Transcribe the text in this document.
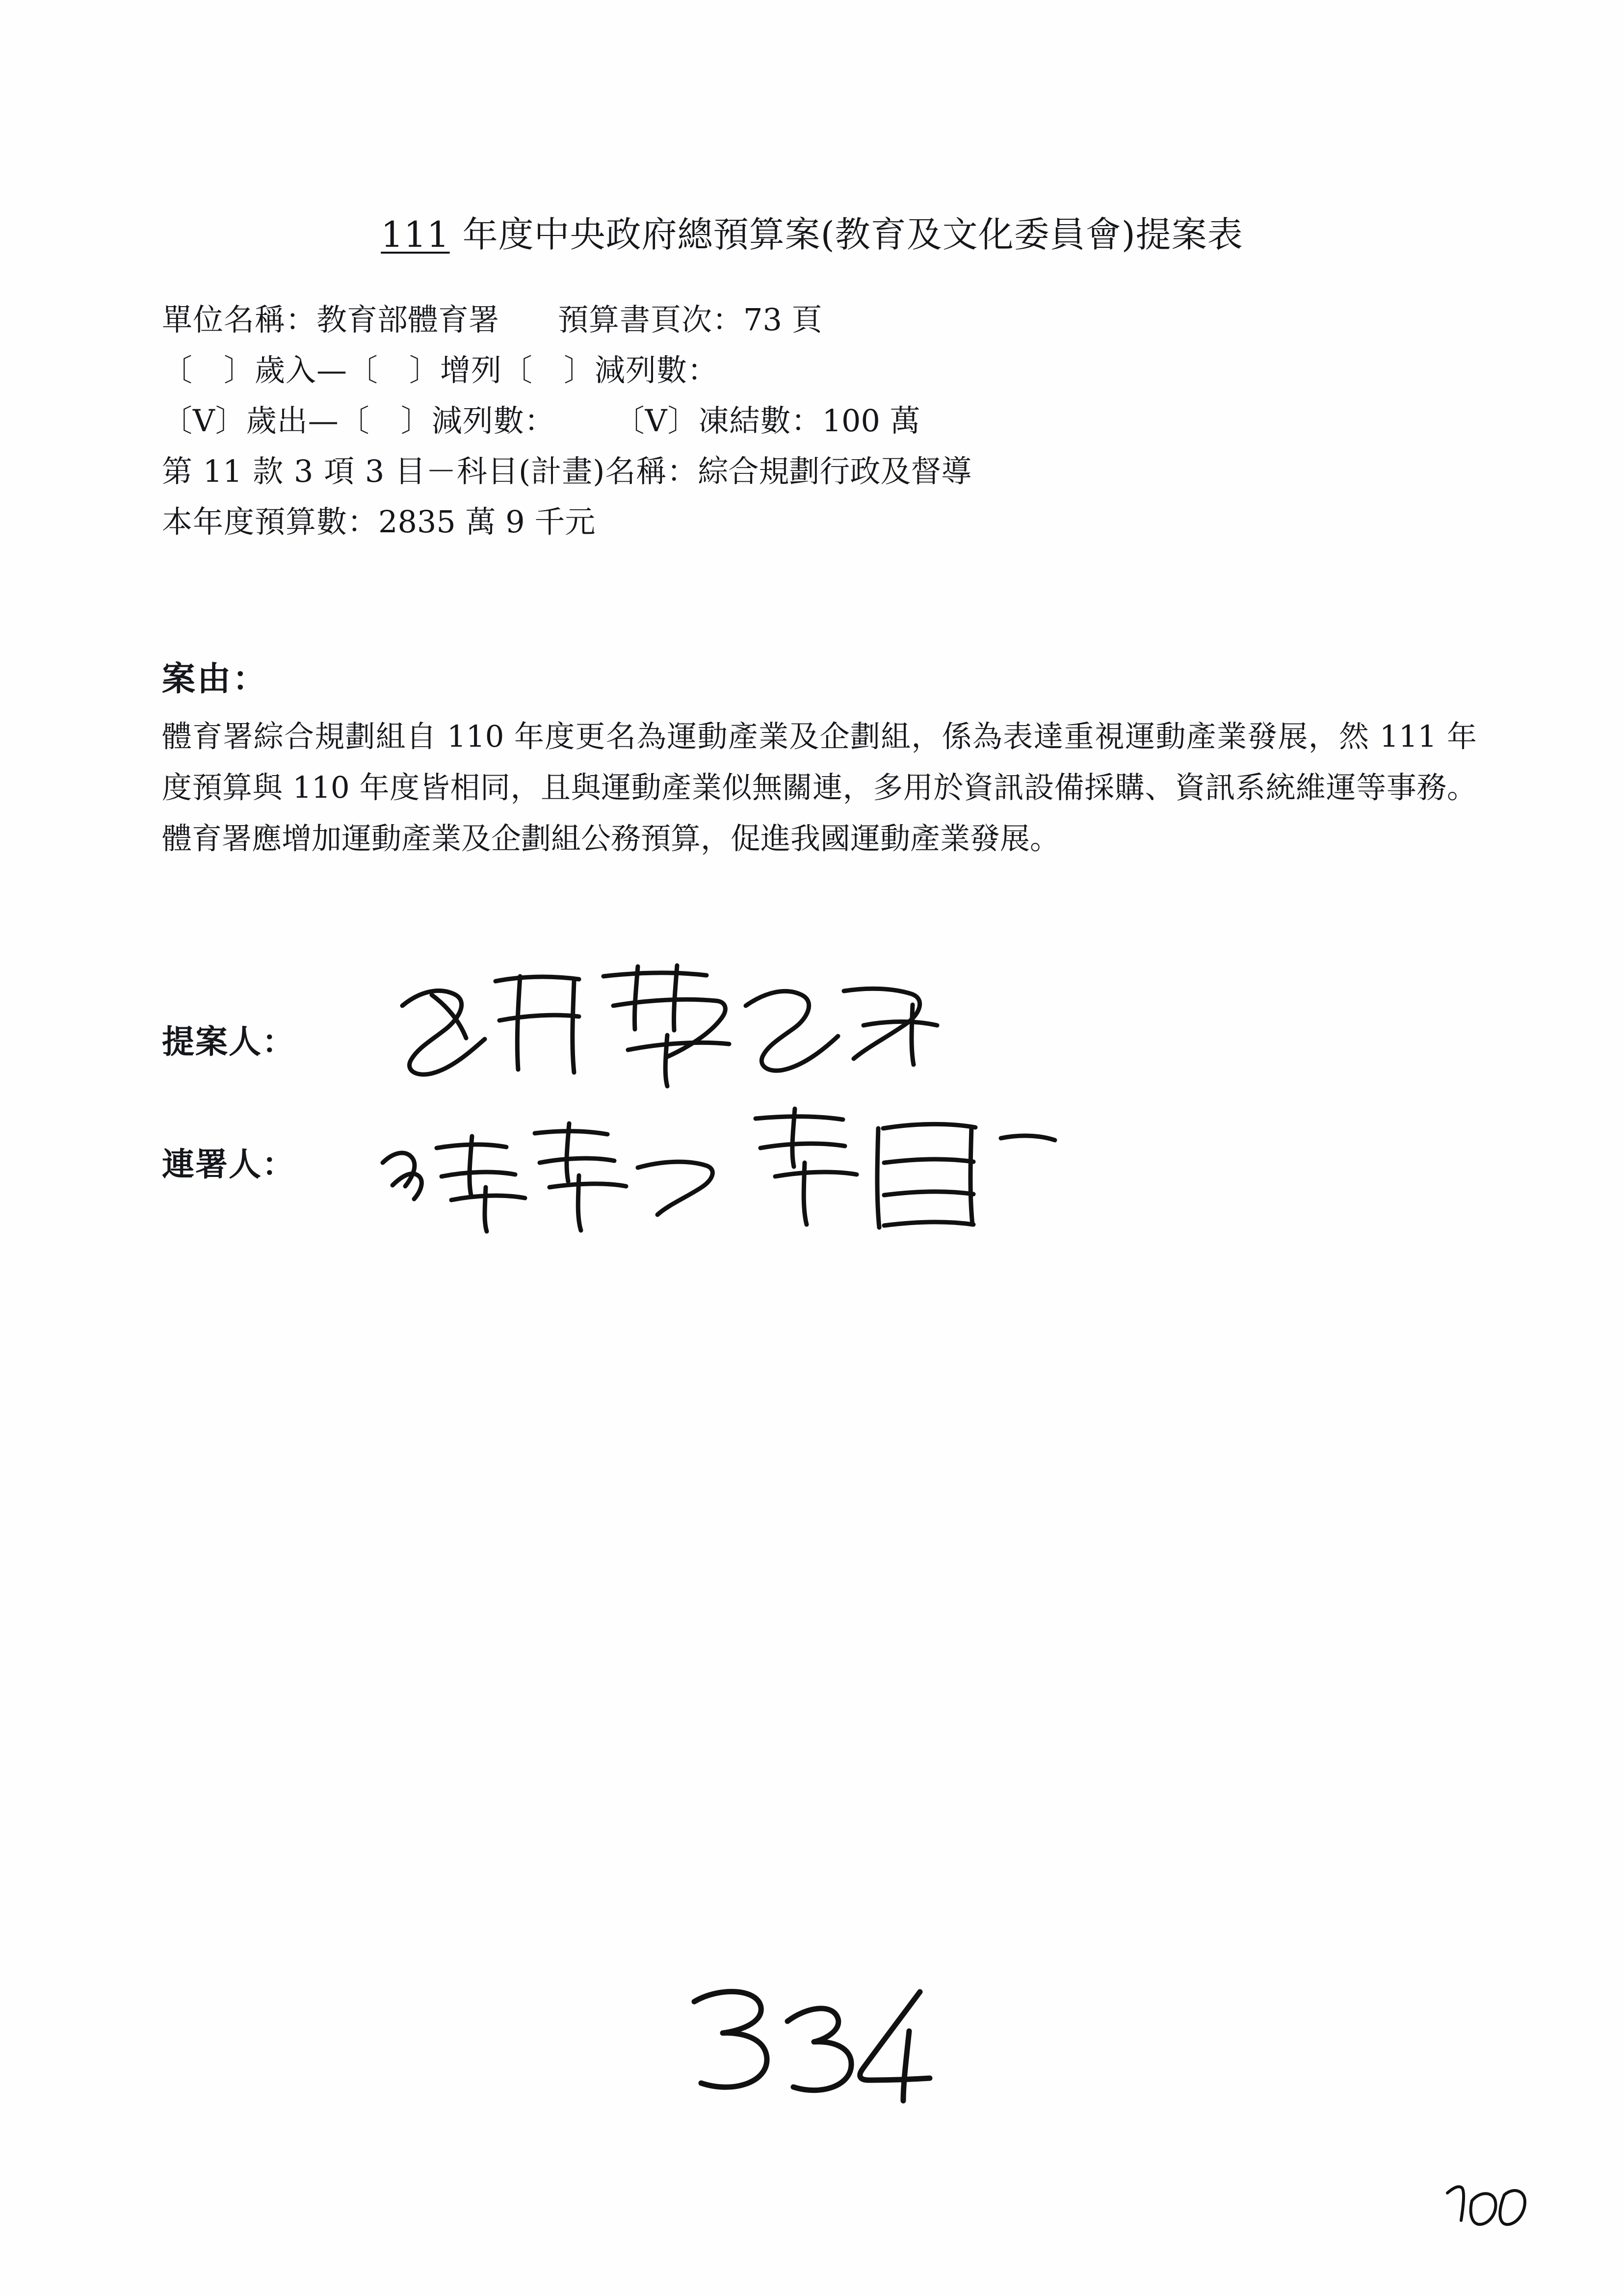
111 年度中央政府總預算案(教育及文化委員會)提案表
單位名稱：教育部體育署 預算書頁次：73 頁
〔　〕歲入—〔　〕增列〔　〕減列數：
〔V〕歲出—〔　〕減列數： 〔V〕凍結數：100 萬
第 11 款 3 項 3 目－科目(計畫)名稱：綜合規劃行政及督導
本年度預算數：2835 萬 9 千元
案由：
體育署綜合規劃組自 110 年度更名為運動產業及企劃組，係為表達重視運動產業發展，然 111 年度預算與 110 年度皆相同，且與運動產業似無關連，多用於資訊設備採購、資訊系統維運等事務。體育署應增加運動產業及企劃組公務預算，促進我國運動產業發展。
提案人：
連署人：
